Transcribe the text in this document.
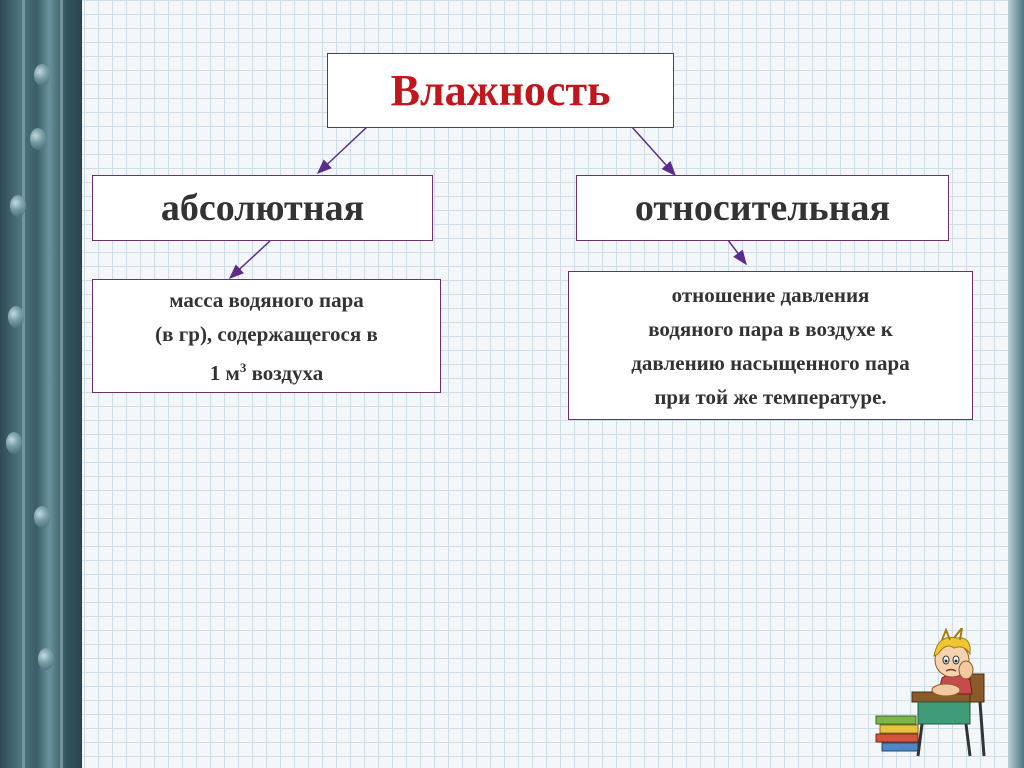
Влажность
абсолютная	относительная
масса водяного пара
(в гр), содержащегося в
1 $м^3$ воздуха
отношение давления
водяного пара в воздухе к
давлению насыщенного пара
при той же температуре.
